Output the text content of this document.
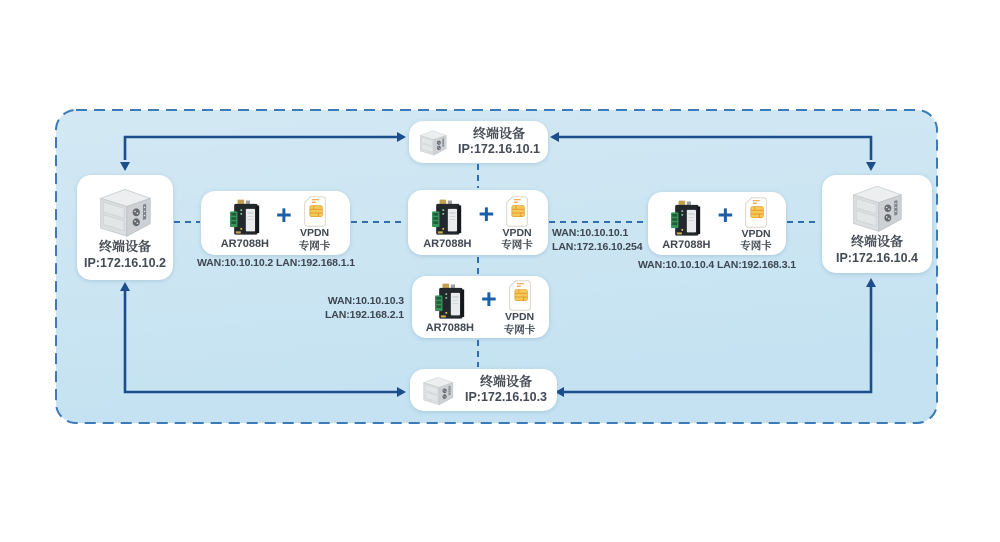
终端设备
IP:172.16.10.1
终端设备
IP:172.16.10.2
终端设备
IP:172.16.10.4
终端设备
IP:172.16.10.3
AR7088H
+
VPDN
专网卡
WAN:10.10.10.2 LAN:192.168.1.1
AR7088H
+
VPDN
专网卡
WAN:10.10.10.1
LAN:172.16.10.254
AR7088H
+
VPDN
专网卡
WAN:10.10.10.3
LAN:192.168.2.1
AR7088H
+
VPDN
专网卡
WAN:10.10.10.4 LAN:192.168.3.1
